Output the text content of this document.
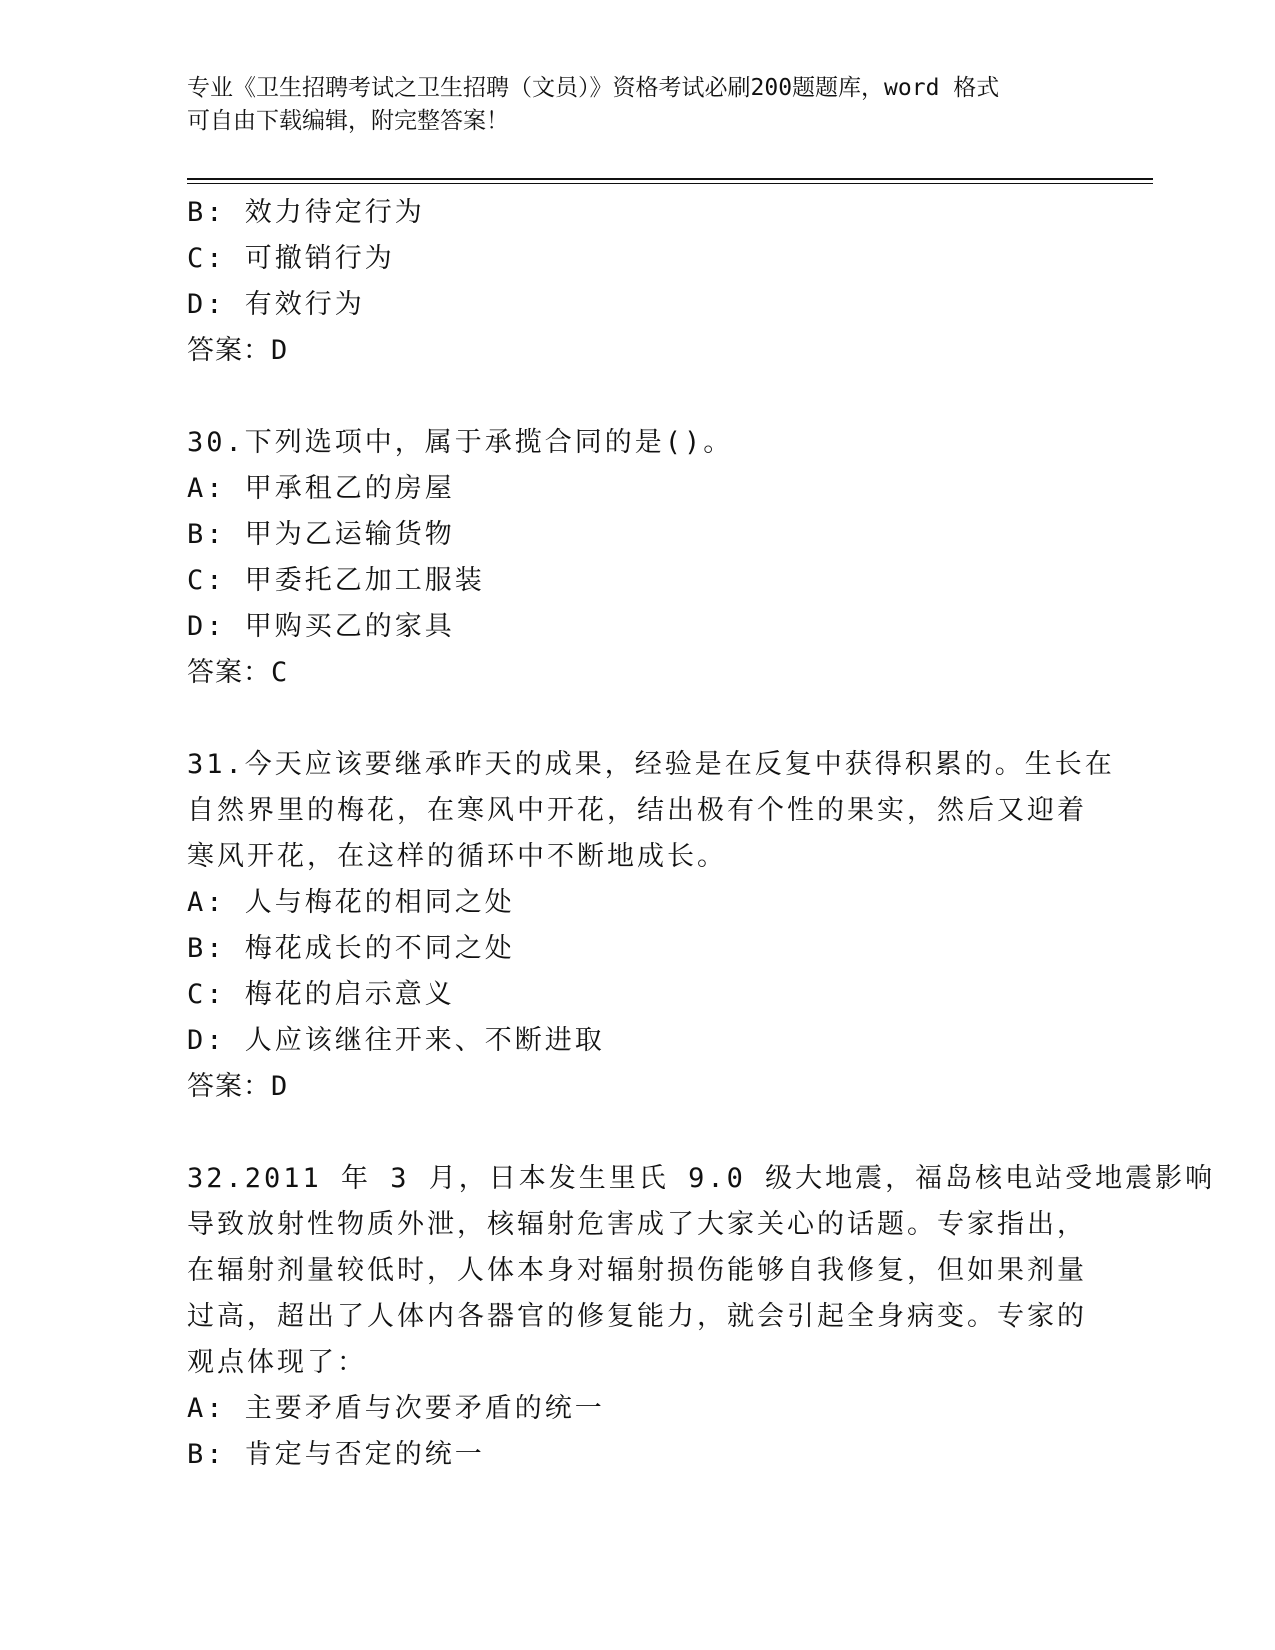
专业《卫生招聘考试之卫生招聘（文员）》资格考试必刷200题题库，word 格式
可自由下载编辑，附完整答案！
B: 效力待定行为
C: 可撤销行为
D: 有效行为
答案：D
30.下列选项中，属于承揽合同的是()。
A: 甲承租乙的房屋
B: 甲为乙运输货物
C: 甲委托乙加工服装
D: 甲购买乙的家具
答案：C
31.今天应该要继承昨天的成果，经验是在反复中获得积累的。生长在
自然界里的梅花，在寒风中开花，结出极有个性的果实，然后又迎着
寒风开花，在这样的循环中不断地成长。
A: 人与梅花的相同之处
B: 梅花成长的不同之处
C: 梅花的启示意义
D: 人应该继往开来、不断进取
答案：D
32.2011 年 3 月，日本发生里氏 9.0 级大地震，福岛核电站受地震影响
导致放射性物质外泄，核辐射危害成了大家关心的话题。专家指出，
在辐射剂量较低时，人体本身对辐射损伤能够自我修复，但如果剂量
过高，超出了人体内各器官的修复能力，就会引起全身病变。专家的
观点体现了：
A: 主要矛盾与次要矛盾的统一
B: 肯定与否定的统一
